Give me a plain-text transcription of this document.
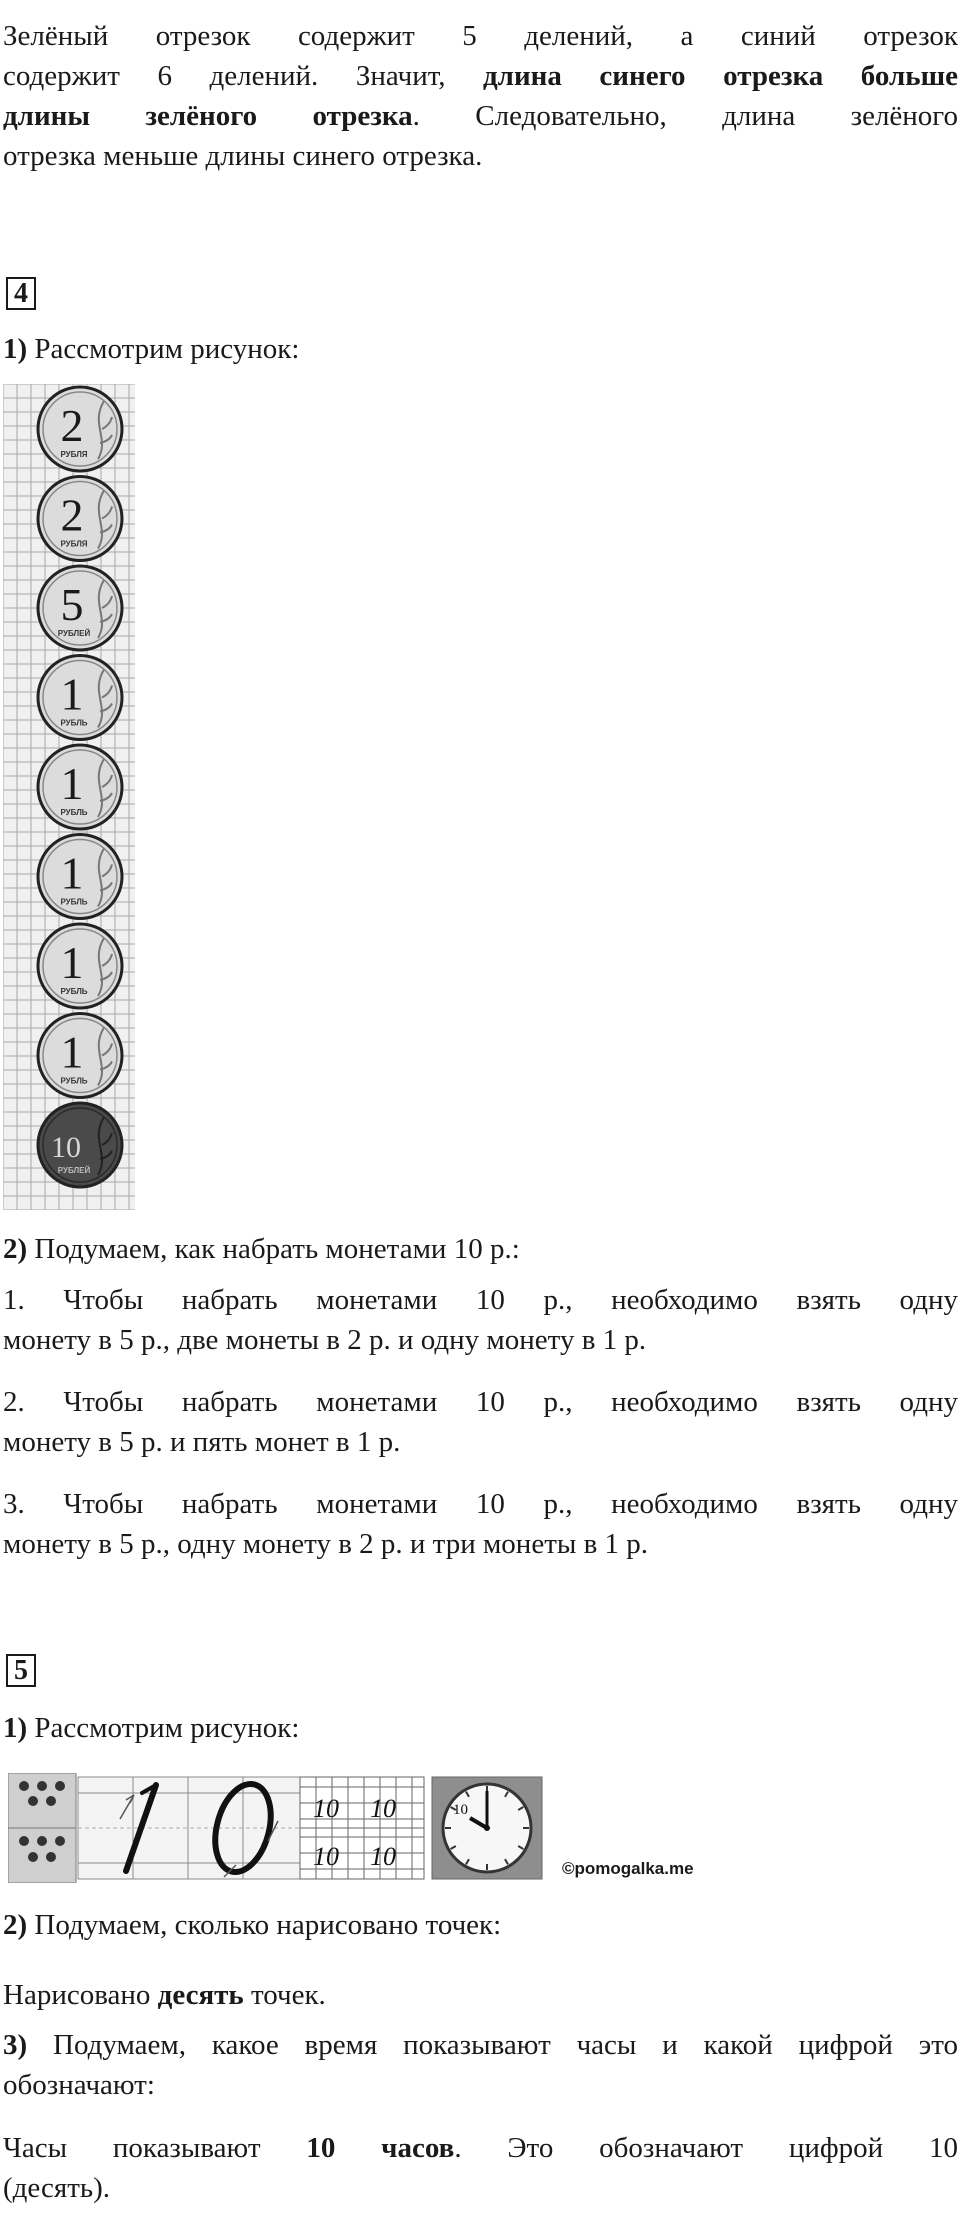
Зелёный отрезок содержит 5 делений, а синий отрезок
содержит 6 делений. Значит, длина синего отрезка больше
длины зелёного отрезка. Следовательно, длина зелёного
отрезка меньше длины синего отрезка.
4

1) Рассмотрим рисунок:

2
РУБЛЯ
2
РУБЛЯ
5
РУБЛЕЙ
1
РУБЛЬ
1
РУБЛЬ
1
РУБЛЬ
1
РУБЛЬ
1
РУБЛЬ
10
РУБЛЕЙ

2) Подумаем, как набрать монетами 10 р.:

1. Чтобы набрать монетами 10 р., необходимо взять одну
монету в 5 р., две монеты в 2 р. и одну монету в 1 р.
2. Чтобы набрать монетами 10 р., необходимо взять одну
монету в 5 р. и пять монет в 1 р.
3. Чтобы набрать монетами 10 р., необходимо взять одну
монету в 5 р., одну монету в 2 р. и три монеты в 1 р.
5

1) Рассмотрим рисунок:

10 10
10 10
10
©pomogalka.me

2) Подумаем, сколько нарисовано точек:

Нарисовано десять точек.

3) Подумаем, какое время показывают часы и какой цифрой это
обозначают:
Часы показывают 10 часов. Это обозначают цифрой 10
(десять).
